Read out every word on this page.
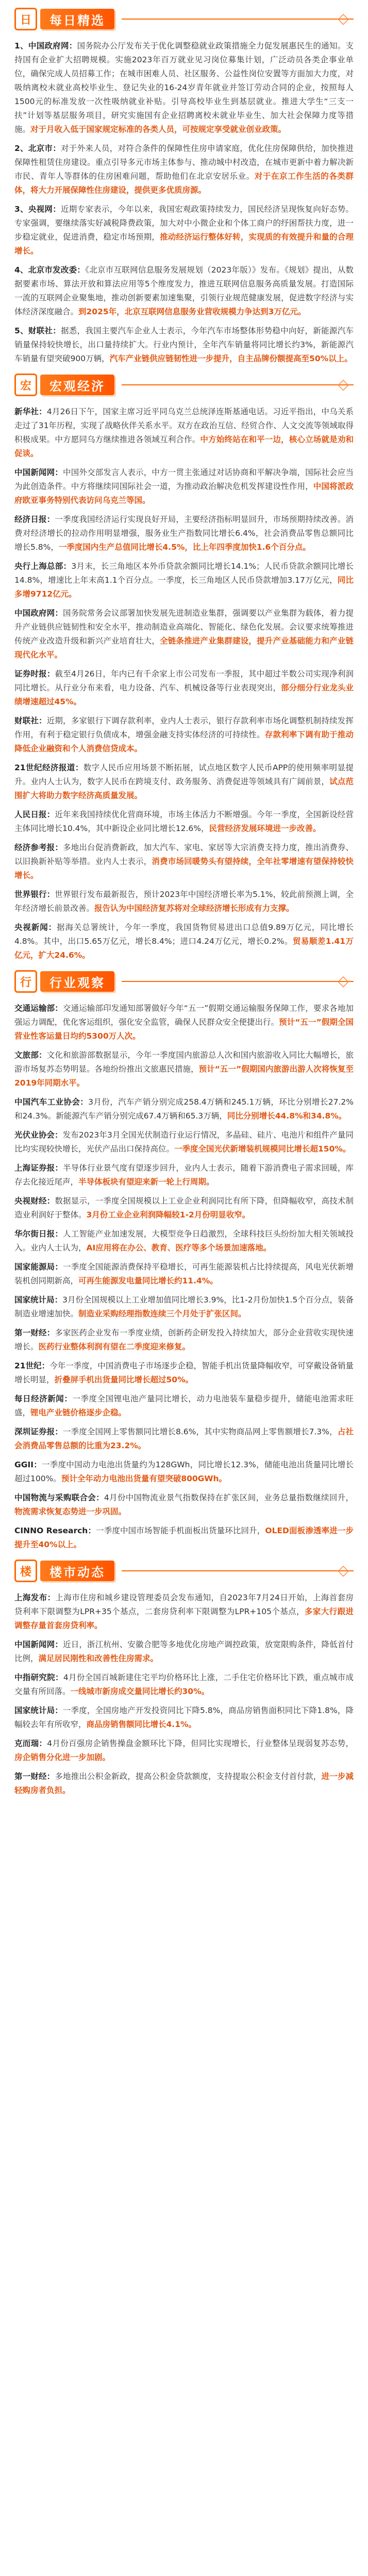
日	每日精选	◇

1、中国政府网：国务院办公厅发布关于优化调整稳就业政策措施全力促发展惠民生的通知。支持国有企业扩大招聘规模。实施2023年百万就业见习岗位募集计划，广泛动员各类企事业单位，确保完成人员招募工作；在城市困难人员、社区服务、公益性岗位安置等方面加大力度，对吸纳离校未就业高校毕业生、登记失业的16-24岁青年就业并签订劳动合同的企业，按照每人1500元的标准发放一次性吸纳就业补贴。引导高校毕业生到基层就业。推进大学生“三支一扶”计划等基层服务项目，研究实施国有企业招聘离校未就业毕业生、加大社会保障力度等措施。对于月收入低于国家规定标准的各类人员，可按规定享受就业创业政策。

2、北京市：对于外来人员，对符合条件的保障性住房申请家庭，优化住房保障供给，加快推进保障性租赁住房建设。重点引导多元市场主体参与、推动城中村改造，在城市更新中着力解决新市民、青年人等群体的住房困难问题，帮助他们在北京安居乐业。对于在京工作生活的各类群体，将大力开展保障性住房建设，提供更多优质房源。

3、央视网：近期专家表示，今年以来，我国宏观政策持续发力，国民经济呈现恢复向好态势。专家强调，要继续落实好减税降费政策，加大对中小微企业和个体工商户的纾困帮扶力度，进一步稳定就业，促进消费，稳定市场预期，推动经济运行整体好转，实现质的有效提升和量的合理增长。

4、北京市发改委：《北京市互联网信息服务发展规划（2023年版）》发布。《规划》提出，从数据要素市场、算法开放和算法应用等5个维度发力，推进互联网信息服务高质量发展。打造国际一流的互联网企业聚集地，推动创新要素加速集聚，引领行业规范健康发展，促进数字经济与实体经济深度融合。到2025年，北京互联网信息服务业营收规模力争达到3万亿元。

5、财联社：据悉，我国主要汽车企业人士表示，今年汽车市场整体形势稳中向好，新能源汽车销量保持较快增长，出口量持续扩大。行业内预计，全年汽车销量将同比增长约3%，新能源汽车销量有望突破900万辆，汽车产业链供应链韧性进一步提升，自主品牌份额提高至50%以上。

宏	宏观经济	◇

新华社：4月26日下午，国家主席习近平同乌克兰总统泽连斯基通电话。习近平指出，中乌关系走过了31年历程，实现了战略伙伴关系水平。双方在政治互信、经贸合作、人文交流等领域取得积极成果。中方愿同乌方继续推进各领域互利合作。中方始终站在和平一边，核心立场就是劝和促谈。

中国新闻网：中国外交部发言人表示，中方一贯主张通过对话协商和平解决争端，国际社会应当为此创造条件。中方将继续同国际社会一道，为推动政治解决危机发挥建设性作用，中国将派政府欧亚事务特别代表访问乌克兰等国。

经济日报：一季度我国经济运行实现良好开局，主要经济指标明显回升，市场预期持续改善。消费对经济增长的拉动作用明显增强，服务业生产指数同比增长6.4%，社会消费品零售总额同比增长5.8%，一季度国内生产总值同比增长4.5%，比上年四季度加快1.6个百分点。

央行上海总部：3月末，长三角地区本外币贷款余额同比增长14.1%；人民币贷款余额同比增长14.8%，增速比上年末高1.1个百分点。一季度，长三角地区人民币贷款增加3.17万亿元，同比多增9712亿元。

中国政府网：国务院常务会议部署加快发展先进制造业集群，强调要以产业集群为载体，着力提升产业链供应链韧性和安全水平，推动制造业高端化、智能化、绿色化发展。会议要求统筹推进传统产业改造升级和新兴产业培育壮大，全链条推进产业集群建设，提升产业基础能力和产业链现代化水平。

证券时报：截至4月26日，年内已有千余家上市公司发布一季报，其中超过半数公司实现净利润同比增长。从行业分布来看，电力设备、汽车、机械设备等行业表现突出，部分细分行业龙头业绩增速超过45%。

财联社：近期，多家银行下调存款利率，业内人士表示，银行存款利率市场化调整机制持续发挥作用，有利于稳定银行负债成本，增强金融支持实体经济的可持续性。存款利率下调有助于推动降低企业融资和个人消费信贷成本。

21世纪经济报道：数字人民币应用场景不断拓展，试点地区数字人民币APP的使用频率明显提升。业内人士认为，数字人民币在跨境支付、政务服务、消费促进等领域具有广阔前景，试点范围扩大将助力数字经济高质量发展。

人民日报：近年来我国持续优化营商环境，市场主体活力不断增强。今年一季度，全国新设经营主体同比增长10.4%，其中新设企业同比增长12.6%，民营经济发展环境进一步改善。

经济参考报：多地出台促消费新政，加大汽车、家电、家居等大宗消费支持力度，推出消费券、以旧换新补贴等举措。业内人士表示，消费市场回暖势头有望持续，全年社零增速有望保持较快增长。

世界银行：世界银行发布最新报告，预计2023年中国经济增长率为5.1%，较此前预测上调，全年经济增长前景改善。报告认为中国经济复苏将对全球经济增长形成有力支撑。

央视新闻：据海关总署统计，今年一季度，我国货物贸易进出口总值9.89万亿元，同比增长4.8%。其中，出口5.65万亿元，增长8.4%；进口4.24万亿元，增长0.2%。贸易顺差1.41万亿元，扩大24.6%。

行	行业观察	◇

交通运输部：交通运输部印发通知部署做好今年“五一”假期交通运输服务保障工作，要求各地加强运力调配，优化客运组织，强化安全监管，确保人民群众安全便捷出行。预计“五一”假期全国营业性客运量日均约5300万人次。

文旅部：文化和旅游部数据显示，今年一季度国内旅游总人次和国内旅游收入同比大幅增长，旅游市场复苏态势明显。各地纷纷推出文旅惠民措施，预计“五一”假期国内旅游出游人次将恢复至2019年同期水平。

中国汽车工业协会：3月份，汽车产销分别完成258.4万辆和245.1万辆，环比分别增长27.2%和24.3%。新能源汽车产销分别完成67.4万辆和65.3万辆，同比分别增长44.8%和34.8%。

光伏业协会：发布2023年3月全国光伏制造行业运行情况，多晶硅、硅片、电池片和组件产量同比均实现较快增长，光伏产品出口保持高位。一季度全国光伏新增装机规模同比增长超150%。

上海证券报：半导体行业景气度有望逐步回升，业内人士表示，随着下游消费电子需求回暖，库存去化接近尾声，半导体板块有望迎来新一轮上行周期。

央视财经：数据显示，一季度全国规模以上工业企业利润同比有所下降，但降幅收窄，高技术制造业利润好于整体。3月份工业企业利润降幅较1-2月份明显收窄。

华尔街日报：人工智能产业加速发展，大模型竞争日趋激烈，全球科技巨头纷纷加大相关领域投入。业内人士认为，AI应用将在办公、教育、医疗等多个场景加速落地。

国家能源局：一季度全国能源消费保持平稳增长，可再生能源装机占比持续提高，风电光伏新增装机创同期新高，可再生能源发电量同比增长约11.4%。

国家统计局：3月份全国规模以上工业增加值同比增长3.9%，比1-2月份加快1.5个百分点，装备制造业增速加快。制造业采购经理指数连续三个月处于扩张区间。

第一财经：多家医药企业发布一季度业绩，创新药企研发投入持续加大，部分企业营收实现快速增长。医药行业整体利润有望在二季度迎来修复。

21世纪：今年一季度，中国消费电子市场逐步企稳，智能手机出货量降幅收窄，可穿戴设备销量增长明显，折叠屏手机出货量同比增长超过50%。

每日经济新闻：一季度全国锂电池产量同比增长，动力电池装车量稳步提升，储能电池需求旺盛，锂电产业链价格逐步企稳。

深圳证券报：一季度全国网上零售额同比增长8.6%，其中实物商品网上零售额增长7.3%，占社会消费品零售总额的比重为23.2%。

GGII：一季度中国动力电池出货量约为128GWh，同比增长12.3%，储能电池出货量同比增长超过100%。预计全年动力电池出货量有望突破800GWh。

中国物流与采购联合会：4月份中国物流业景气指数保持在扩张区间，业务总量指数继续回升，物流需求恢复态势进一步巩固。

CINNO Research：一季度中国市场智能手机面板出货量环比回升，OLED面板渗透率进一步提升至40%以上。

楼	楼市动态	◇

上海发布：上海市住房和城乡建设管理委员会发布通知，自2023年7月24日开始，上海首套房贷利率下限调整为LPR+35个基点，二套房贷利率下限调整为LPR+105个基点，多家大行跟进调整存量首套房贷利率。

中国新闻网：近日，浙江杭州、安徽合肥等多地优化房地产调控政策，放宽限购条件，降低首付比例，满足居民刚性和改善性住房需求。

中指研究院：4月份全国百城新建住宅平均价格环比上涨，二手住宅价格环比下跌，重点城市成交量有所回落。一线城市新房成交量同比增长约30%。

国家统计局：一季度，全国房地产开发投资同比下降5.8%，商品房销售面积同比下降1.8%，降幅较去年有所收窄，商品房销售额同比增长4.1%。

克而瑞：4月份百强房企销售操盘金额环比下降，但同比实现增长，行业整体呈现弱复苏态势，房企销售分化进一步加剧。

第一财经：多地推出公积金新政，提高公积金贷款额度，支持提取公积金支付首付款，进一步减轻购房者负担。
